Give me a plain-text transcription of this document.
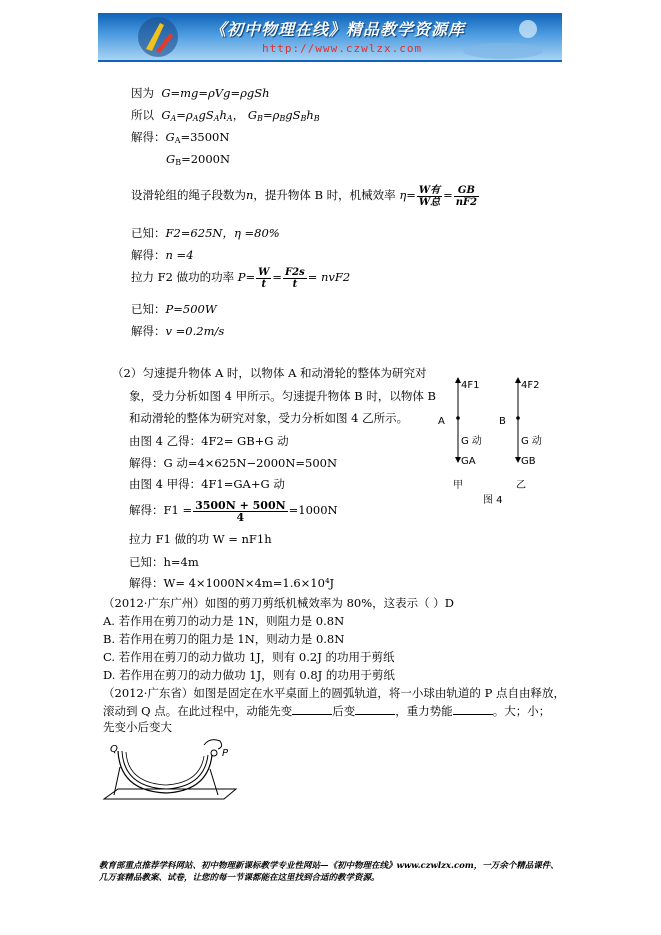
《初中物理在线》精品教学资源库
http://www.czwlzx.com
因为 G=mg=ρVg=ρgSh
所以 $G_A=\rho_AgS_Ah_A$， $G_B=\rho_BgS_Bh_B$
解得：$G_A=3500N$
$G_B=2000N$
设滑轮组的绳子段数为n，提升物体 B 时，机械效率 $\eta= \frac{\text{W有}}{\text{W总}} = \frac{GB}{nF2}$
已知：F2=625N，η =80%
解得：n =4
拉力 F2 做功的功率 $P= \frac{W}{t} = \frac{F2s}{t} = nvF2$
已知：P=500W
解得：v =0.2m/s
（2）匀速提升物体 A 时，以物体 A 和动滑轮的整体为研究对
象，受力分析如图 4 甲所示。匀速提升物体 B 时，以物体 B
和动滑轮的整体为研究对象，受力分析如图 4 乙所示。
由图 4 乙得：4F2= GB+G 动
解得：G 动=4×625N−2000N=500N
由图 4 甲得：4F1=GA+G 动
解得：$F1 = \frac{3500N + 500N}{4} =1000N$
拉力 F1 做的功 W = nF1h
已知：h=4m
解得：W= 4×1000N×4m=1.6×10⁴J
4F1	4F2
A	B
G 动	G 动
GA	GB
甲	乙
图 4
（2012·广东广州）如图的剪刀剪纸机械效率为 80%，这表示（ ）D
A. 若作用在剪刀的动力是 1N，则阻力是 0.8N
B. 若作用在剪刀的阻力是 1N，则动力是 0.8N
C. 若作用在剪刀的动力做功 1J，则有 0.2J 的功用于剪纸
D. 若作用在剪刀的动力做功 1J，则有 0.8J 的功用于剪纸
（2012·广东省）如图是固定在水平桌面上的圆弧轨道，将一小球由轨道的 P 点自由释放，
滚动到 Q 点。在此过程中，动能先变	后变	，重力势能	。大；小；
先变小后变大
Q	P
教育部重点推荐学科网站、初中物理新课标教学专业性网站—《初中物理在线》www.czwlzx.com，一万余个精品课件、几万套精品教案、试卷，让您的每一节课都能在这里找到合适的教学资源。
